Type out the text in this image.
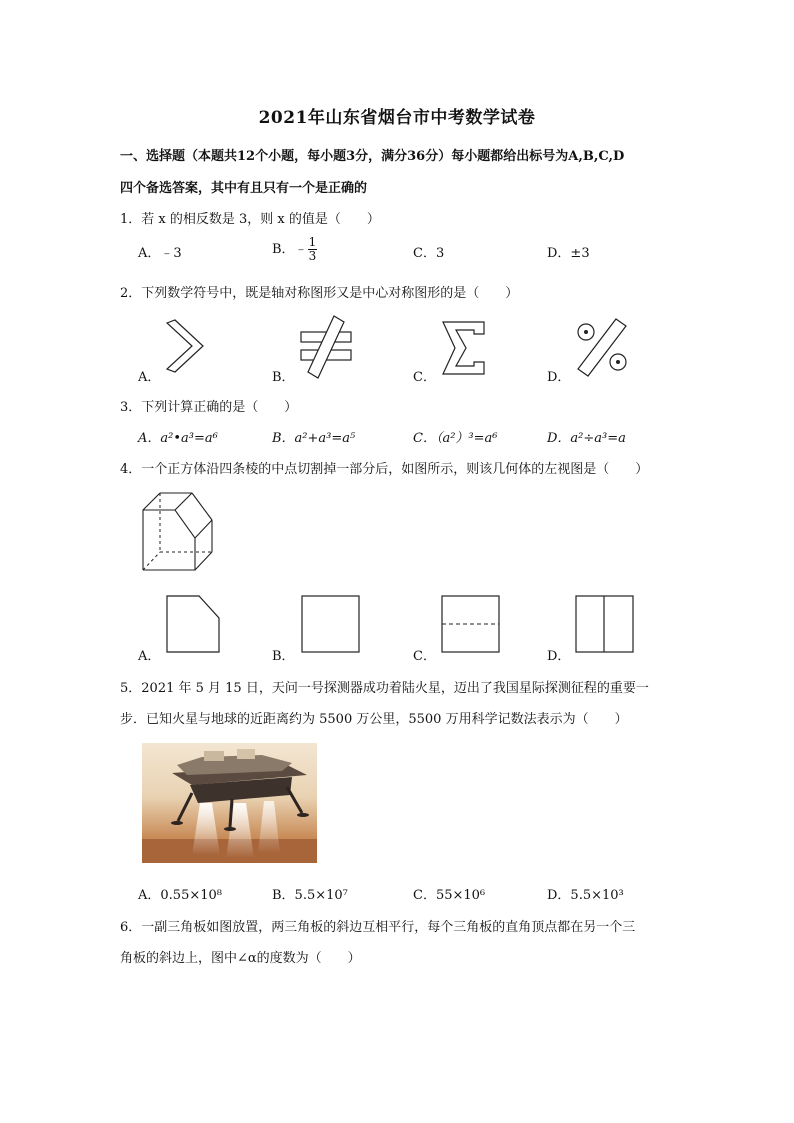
2021年山东省烟台市中考数学试卷
一、选择题（本题共12个小题，每小题3分，满分36分）每小题都给出标号为A,B,C,D
四个备选答案，其中有且只有一个是正确的
1．若 x 的相反数是 3，则 x 的值是（　　）
A．﹣3	B．﹣ $\frac{1}{3}$	C．3	D．±3
2．下列数学符号中，既是轴对称图形又是中心对称图形的是（　　）
A．	B．	C．	D．
3．下列计算正确的是（　　）
A．a²•a³=a⁶	B．a²+a³=a⁵	C．（a²）³=a⁶	D．a²÷a³=a
4．一个正方体沿四条棱的中点切割掉一部分后，如图所示，则该几何体的左视图是（　　）
A．	B．	C．	D．
5．2021 年 5 月 15 日，天问一号探测器成功着陆火星，迈出了我国星际探测征程的重要一
步．已知火星与地球的近距离约为 5500 万公里，5500 万用科学记数法表示为（　　）
A．0.55×10⁸	B．5.5×10⁷	C．55×10⁶	D．5.5×10³
6．一副三角板如图放置，两三角板的斜边互相平行，每个三角板的直角顶点都在另一个三
角板的斜边上，图中∠α的度数为（　　）
